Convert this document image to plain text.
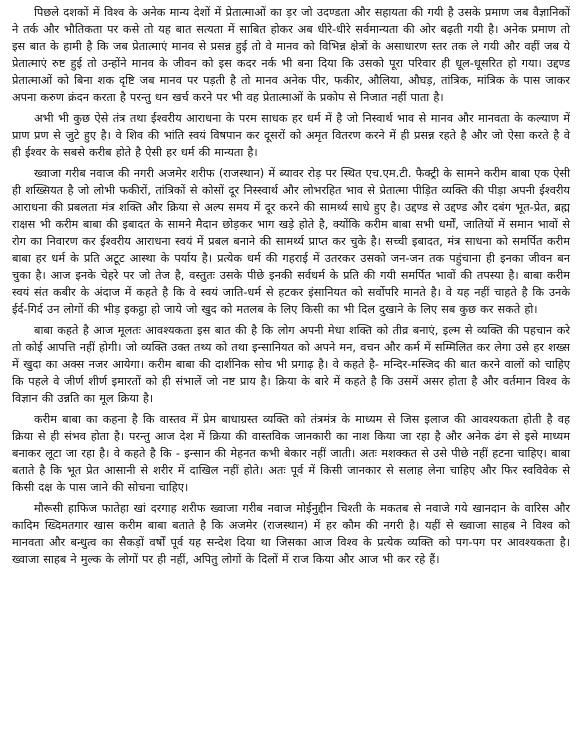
पिछले दशकों में विश्व के अनेक मान्य देशों में प्रेतात्माओं का ड़र जो उदण्डता और सहायता की गयी है उसके प्रमाण जब वैज्ञानिकों ने तर्क और भौतिकता पर कसे तो यह बात सत्यता में साबित होकर अब धीरे-धीरे सर्वमान्यता की ओर बढ़ती गयी है। अनेक प्रमाण तो इस बात के हामी है कि जब प्रेतात्माएं मानव से प्रसन्न हुई तो वे मानव को विभिन्न क्षेत्रों के असाधारण स्तर तक ले गयी और वहीं जब ये प्रेतात्माएं रुष्ट हुई तो उन्होंने मानव के जीवन को इस कदर नर्क भी बना दिया कि उसको पूरा परिवार ही धूल-धूसरित हो गया। उद्दण्ड प्रेतात्माओं को बिना शक दृष्टि जब मानव पर पड़ती है तो मानव अनेक पीर, फकीर, औलिया, औघड़, तांत्रिक, मांत्रिक के पास जाकर अपना करुण क्रंदन करता है परन्तु धन खर्च करने पर भी वह प्रेतात्माओं के प्रकोप से निजात नहीं पाता है।

अभी भी कुछ ऐसे तंत्र तथा ईश्वरीय आराधना के परम साधक हर धर्म में है जो निस्वार्थ भाव से मानव और मानवता के कल्याण में प्राण प्रण से जुटे हुए है। वे शिव की भांति स्वयं विषपान कर दूसरों को अमृत वितरण करने में ही प्रसन्न रहते है और जो ऐसा करते है वे ही ईश्वर के सबसे करीब होते है ऐसी हर धर्म की मान्यता है।

ख्वाजा गरीब नवाज की नगरी अजमेर शरीफ (राजस्थान) में ब्यावर रोड़ पर स्थित एच.एम.टी. फैक्ट्री के सामने करीम बाबा एक ऐसी ही शख्सियत है जो लोभी फकीरों, तांत्रिकों से कोसों दूर निस्स्वार्थ और लोभरहित भाव से प्रेतात्मा पीड़ित व्यक्ति की पीड़ा अपनी ईश्वरीय आराधना की प्रबलता मंत्र शक्ति और क्रिया से अल्प समय में दूर करने की सामर्थ्य साधे हुए है। उद्दण्ड से उद्दण्ड और दबंग भूत-प्रेत, ब्रह्म राक्षस भी करीम बाबा की इबादत के सामने मैदान छोड़कर भाग खड़े होते है, क्योंकि करीम बाबा सभी धर्मों, जातियों में समान भावों से रोग का निवारण कर ईश्वरीय आराधना स्वयं में प्रबल बनाने की सामर्थ्य प्राप्त कर चुके है। सच्ची इबादत, मंत्र साधना को समर्पित करीम बाबा हर धर्म के प्रति अटूट आस्था के पर्याय है। प्रत्येक धर्म की गहराई में उतरकर उसको जन-जन तक पहुंचाना ही इनका जीवन बन चुका है। आज इनके चेहरे पर जो तेज है, वस्तुतः उसके पीछे इनकी सर्वधर्म के प्रति की गयी समर्पित भावों की तपस्या है। बाबा करीम स्वयं संत कबीर के अंदाज में कहते है कि वे स्वयं जाति-धर्म से हटकर इंसानियत को सर्वोपरि मानते है। वे यह नहीं चाहते है कि उनके ईर्द-गिर्द उन लोगों की भीड़ इकट्ठा हो जाये जो खुद को मतलब के लिए किसी का भी दिल दुखाने के लिए सब कुछ कर सकते हो।

बाबा कहते है आज मूलतः आवश्यकता इस बात की है कि लोग अपनी मेधा शक्ति को तीव्र बनाएं, इल्म से व्यक्ति की पहचान करे तो कोई आपत्ति नहीं होगी। जो व्यक्ति उक्त तथ्य को तथा इन्सानियत को अपने मन, वचन और कर्म में सम्मिलित कर लेगा उसे हर शख्स में खुदा का अक्स नजर आयेगा। करीम बाबा की दार्शनिक सोच भी प्रगाढ़ है। वे कहते है- मन्दिर-मस्जिद की बात करने वालों को चाहिए कि पहले वे जीर्ण शीर्ण इमारतों को ही संभालें जो नष्ट प्राय है। क्रिया के बारे में कहते है कि उसमें असर होता है और वर्तमान विश्व के विज्ञान की उन्नति का मूल क्रिया है।

करीम बाबा का कहना है कि वास्तव में प्रेम बाधाग्रस्त व्यक्ति को तंत्रमंत्र के माध्यम से जिस इलाज की आवश्यकता होती है वह क्रिया से ही संभव होता है। परन्तु आज देश में क्रिया की वास्तविक जानकारी का नाश किया जा रहा है और अनेक ढंग से इसे माध्यम बनाकर लूटा जा रहा है। वे कहते है कि - इन्सान की मेहनत कभी बेकार नहीं जाती। अतः मशक्कत से उसे पीछे नहीं हटना चाहिए। बाबा बताते है कि भूत प्रेत आसानी से शरीर में दाखिल नहीं होते। अतः पूर्व में किसी जानकार से सलाह लेना चाहिए और फिर स्वविवेक से किसी दक्ष के पास जाने की सोचना चाहिए।

मौरूसी हाफिज फातेहा खां दरगाह शरीफ ख्वाजा गरीब नवाज मोईनुद्दीन चिश्ती के मकतब से नवाजे गये खानदान के वारिस और कादिम ख्दिमतगार खास करीम बाबा बताते है कि अजमेर (राजस्थान) में हर कौम की नगरी है। यहीं से ख्वाजा साहब ने विश्व को मानवता और बन्धुत्व का सैकड़ों वर्षों पूर्व यह सन्देश दिया था जिसका आज विश्व के प्रत्येक व्यक्ति को पग-पग पर आवश्यकता है। ख्वाजा साहब ने मुल्क के लोगों पर ही नहीं, अपितु लोगों के दिलों में राज किया और आज भी कर रहे हैं।
